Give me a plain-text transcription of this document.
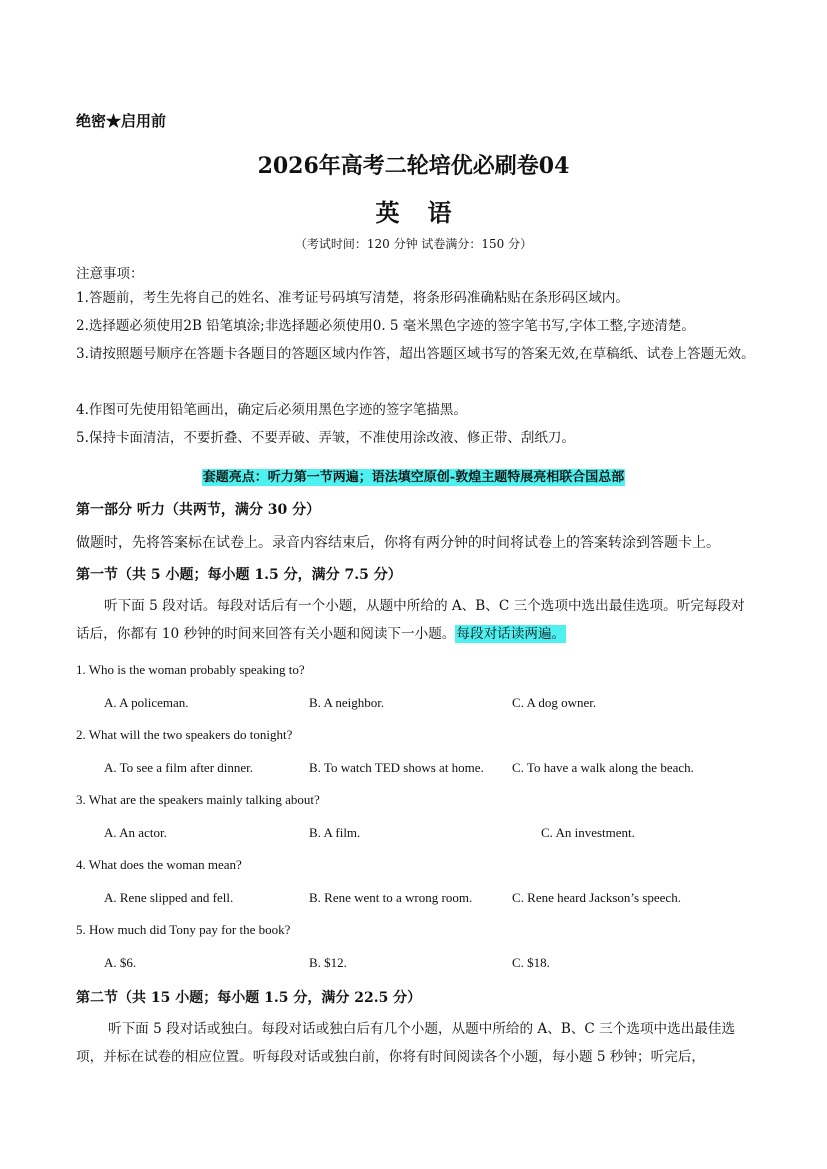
绝密★启用前
2026年高考二轮培优必刷卷04
英语
（考试时间：120 分钟 试卷满分：150 分）
注意事项：
1.答题前，考生先将自己的姓名、准考证号码填写清楚，将条形码准确粘贴在条形码区域内。
2.选择题必须使用2B 铅笔填涂;非选择题必须使用0. 5 毫米黑色字迹的签字笔书写,字体工整,字迹清楚。
3.请按照题号顺序在答题卡各题目的答题区域内作答，超出答题区域书写的答案无效,在草稿纸、试卷上答题无效。
4.作图可先使用铅笔画出，确定后必须用黑色字迹的签字笔描黑。
5.保持卡面清洁，不要折叠、不要弄破、弄皱，不准使用涂改液、修正带、刮纸刀。
套题亮点：听力第一节两遍；语法填空原创-敦煌主题特展亮相联合国总部
第一部分 听力（共两节，满分 30 分）
做题时，先将答案标在试卷上。录音内容结束后，你将有两分钟的时间将试卷上的答案转涂到答题卡上。
第一节（共 5 小题；每小题 1.5 分，满分 7.5 分）
听下面 5 段对话。每段对话后有一个小题，从题中所给的 A、B、C 三个选项中选出最佳选项。听完每段对话后，你都有 10 秒钟的时间来回答有关小题和阅读下一小题。每段对话读两遍。
1. Who is the woman probably speaking to?
A. A policeman.	B. A neighbor.	C. A dog owner.
2. What will the two speakers do tonight?
A. To see a film after dinner.	B. To watch TED shows at home. C. To have a walk along the beach.
3. What are the speakers mainly talking about?
A. An actor.	B. A film.	C. An investment.
4. What does the woman mean?
A. Rene slipped and fell.	B. Rene went to a wrong room.	C. Rene heard Jackson’s speech.
5. How much did Tony pay for the book?
A. $6.	B. $12.	C. $18.
第二节（共 15 小题；每小题 1.5 分，满分 22.5 分）
听下面 5 段对话或独白。每段对话或独白后有几个小题，从题中所给的 A、B、C 三个选项中选出最佳选项，并标在试卷的相应位置。听每段对话或独白前，你将有时间阅读各个小题，每小题 5 秒钟；听完后，
